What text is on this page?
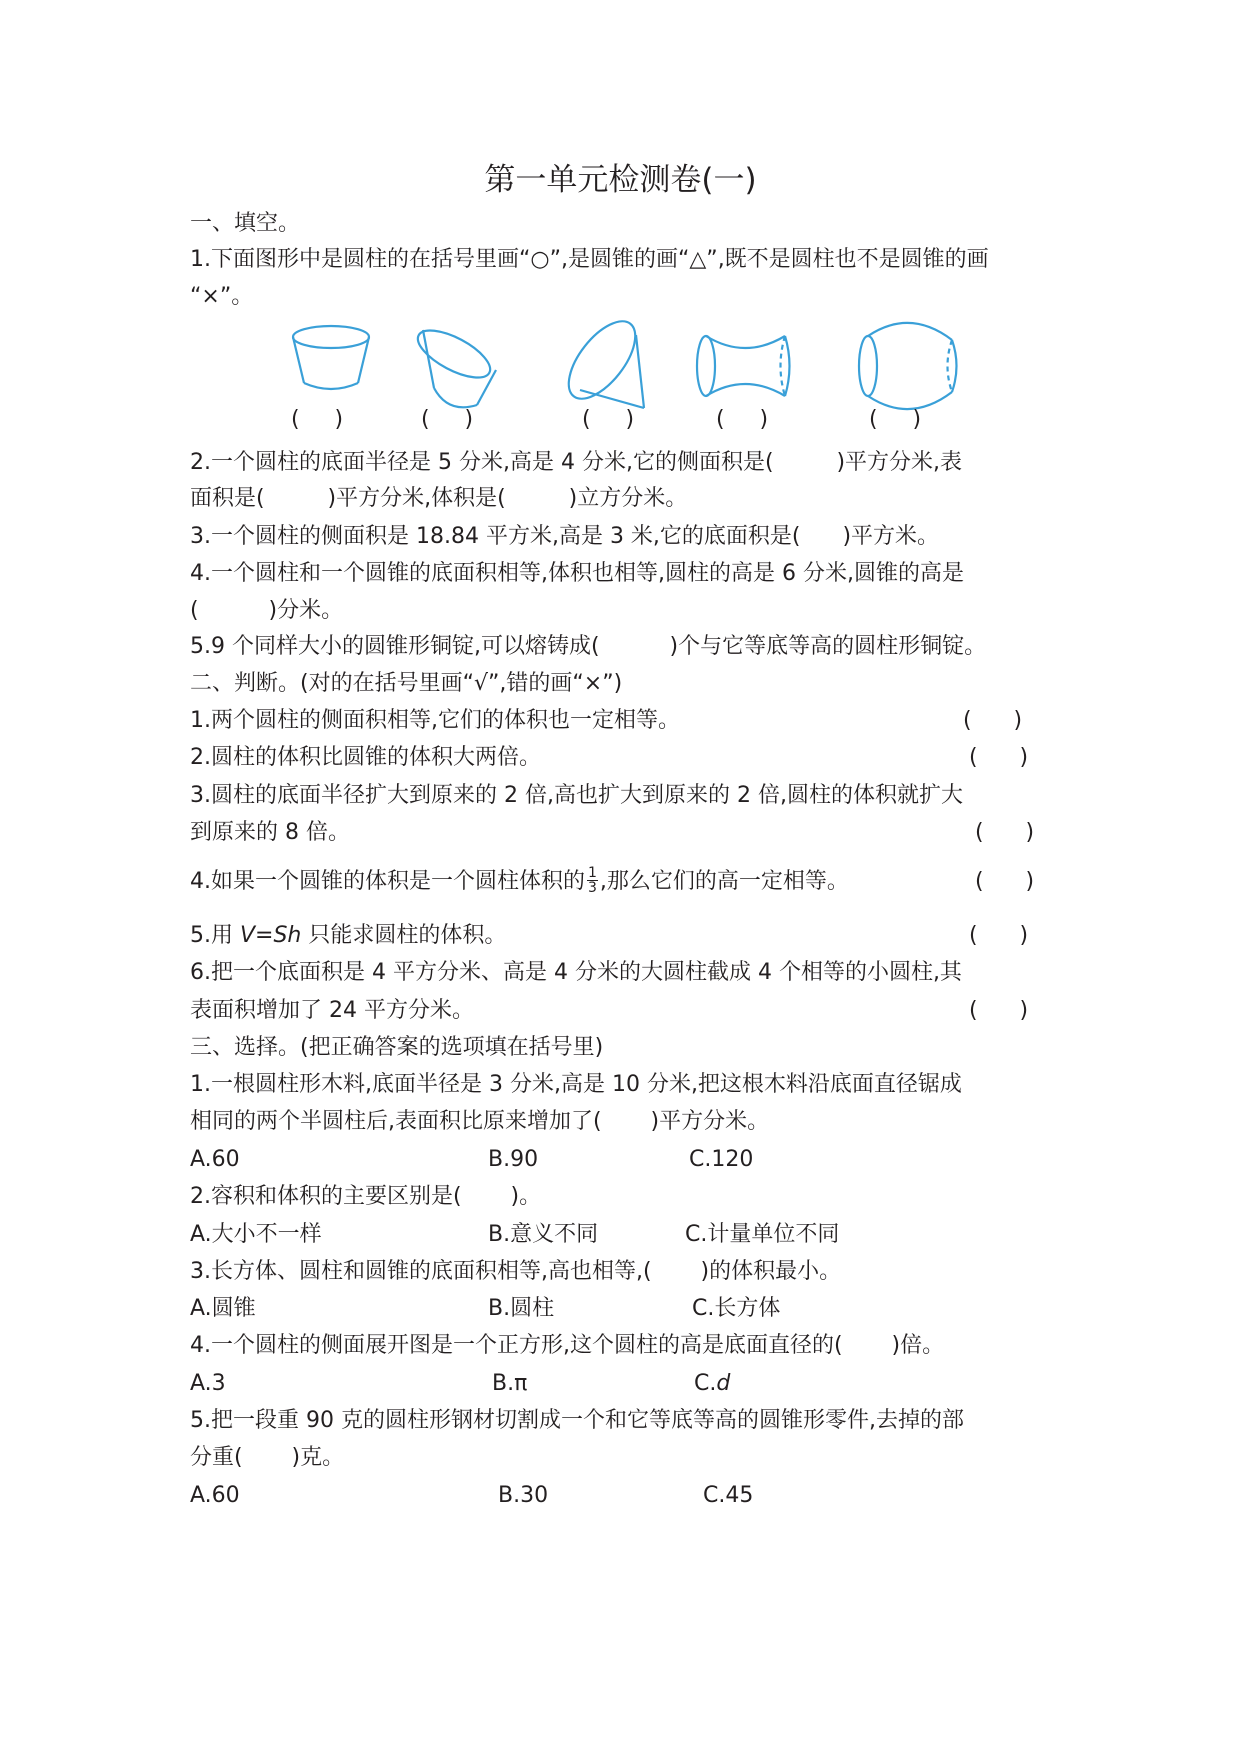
第一单元检测卷(一)
一、填空。
1.下面图形中是圆柱的在括号里画“○”,是圆锥的画“△”,既不是圆柱也不是圆锥的画
“×”。
(     )	(     )	(     )	(     )	(     )
2.一个圆柱的底面半径是 5 分米,高是 4 分米,它的侧面积是(         )平方分米,表
面积是(         )平方分米,体积是(         )立方分米。
3.一个圆柱的侧面积是 18.84 平方米,高是 3 米,它的底面积是(      )平方米。
4.一个圆柱和一个圆锥的底面积相等,体积也相等,圆柱的高是 6 分米,圆锥的高是
(          )分米。
5.9 个同样大小的圆锥形铜锭,可以熔铸成(          )个与它等底等高的圆柱形铜锭。
二、判断。(对的在括号里画“√”,错的画“×”)
1.两个圆柱的侧面积相等,它们的体积也一定相等。	(      )
2.圆柱的体积比圆锥的体积大两倍。	(      )
3.圆柱的底面半径扩大到原来的 2 倍,高也扩大到原来的 2 倍,圆柱的体积就扩大
到原来的 8 倍。	(      )
4.如果一个圆锥的体积是一个圆柱体积的 $\frac{1}{3}$ ,那么它们的高一定相等。	(      )
5.用 V=Sh 只能求圆柱的体积。	(      )
6.把一个底面积是 4 平方分米、高是 4 分米的大圆柱截成 4 个相等的小圆柱,其
表面积增加了 24 平方分米。	(      )
三、选择。(把正确答案的选项填在括号里)
1.一根圆柱形木料,底面半径是 3 分米,高是 10 分米,把这根木料沿底面直径锯成
相同的两个半圆柱后,表面积比原来增加了(       )平方分米。
A.60	B.90	C.120
2.容积和体积的主要区别是(       )。
A.大小不一样	B.意义不同	C.计量单位不同
3.长方体、圆柱和圆锥的底面积相等,高也相等,(       )的体积最小。
A.圆锥	B.圆柱	C.长方体
4.一个圆柱的侧面展开图是一个正方形,这个圆柱的高是底面直径的(       )倍。
A.3	B.π	C.d
5.把一段重 90 克的圆柱形钢材切割成一个和它等底等高的圆锥形零件,去掉的部
分重(       )克。
A.60	B.30	C.45
